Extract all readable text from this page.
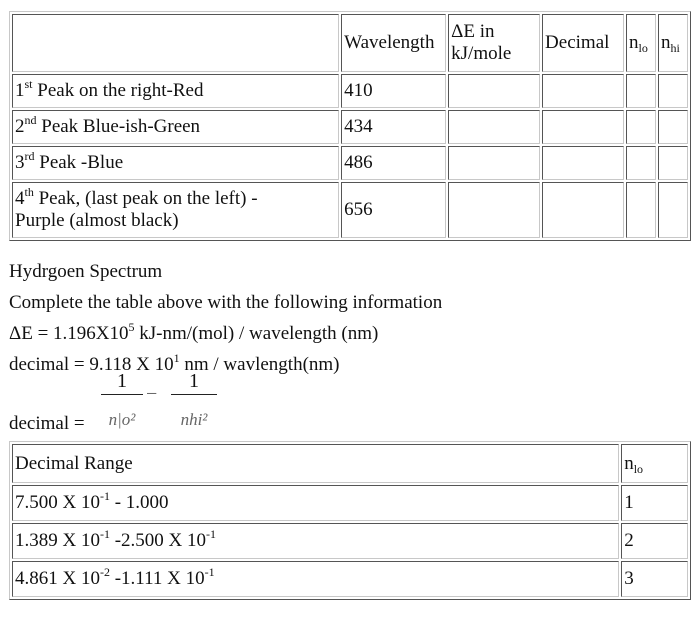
	Wavelength	ΔE in
kJ/mole	Decimal	$n_{lo}$	$n_{hi}$
1st Peak on the right-Red	410				
2nd Peak Blue-ish-Green	434				
3rd Peak -Blue	486				
4th Peak, (last peak on the left) -
Purple (almost black)	656				
Hydrgoen Spectrum
Complete the table above with the following information
$\Delta E = 1.196X10^5$ kJ-nm/(mol) / wavelength (nm)
decimal = 9.118 X $10^1$ nm / wavlength(nm)
decimal =
1
n|o²
−
1
nhi²
Decimal Range	$n_{lo}$
7.500 X $10^{-1} - 1.000$	1
1.389 X $10^{-1}$ -2.500 X $10^{-1}$	2
4.861 X $10^{-2}$ -1.111 X $10^{-1}$	3
